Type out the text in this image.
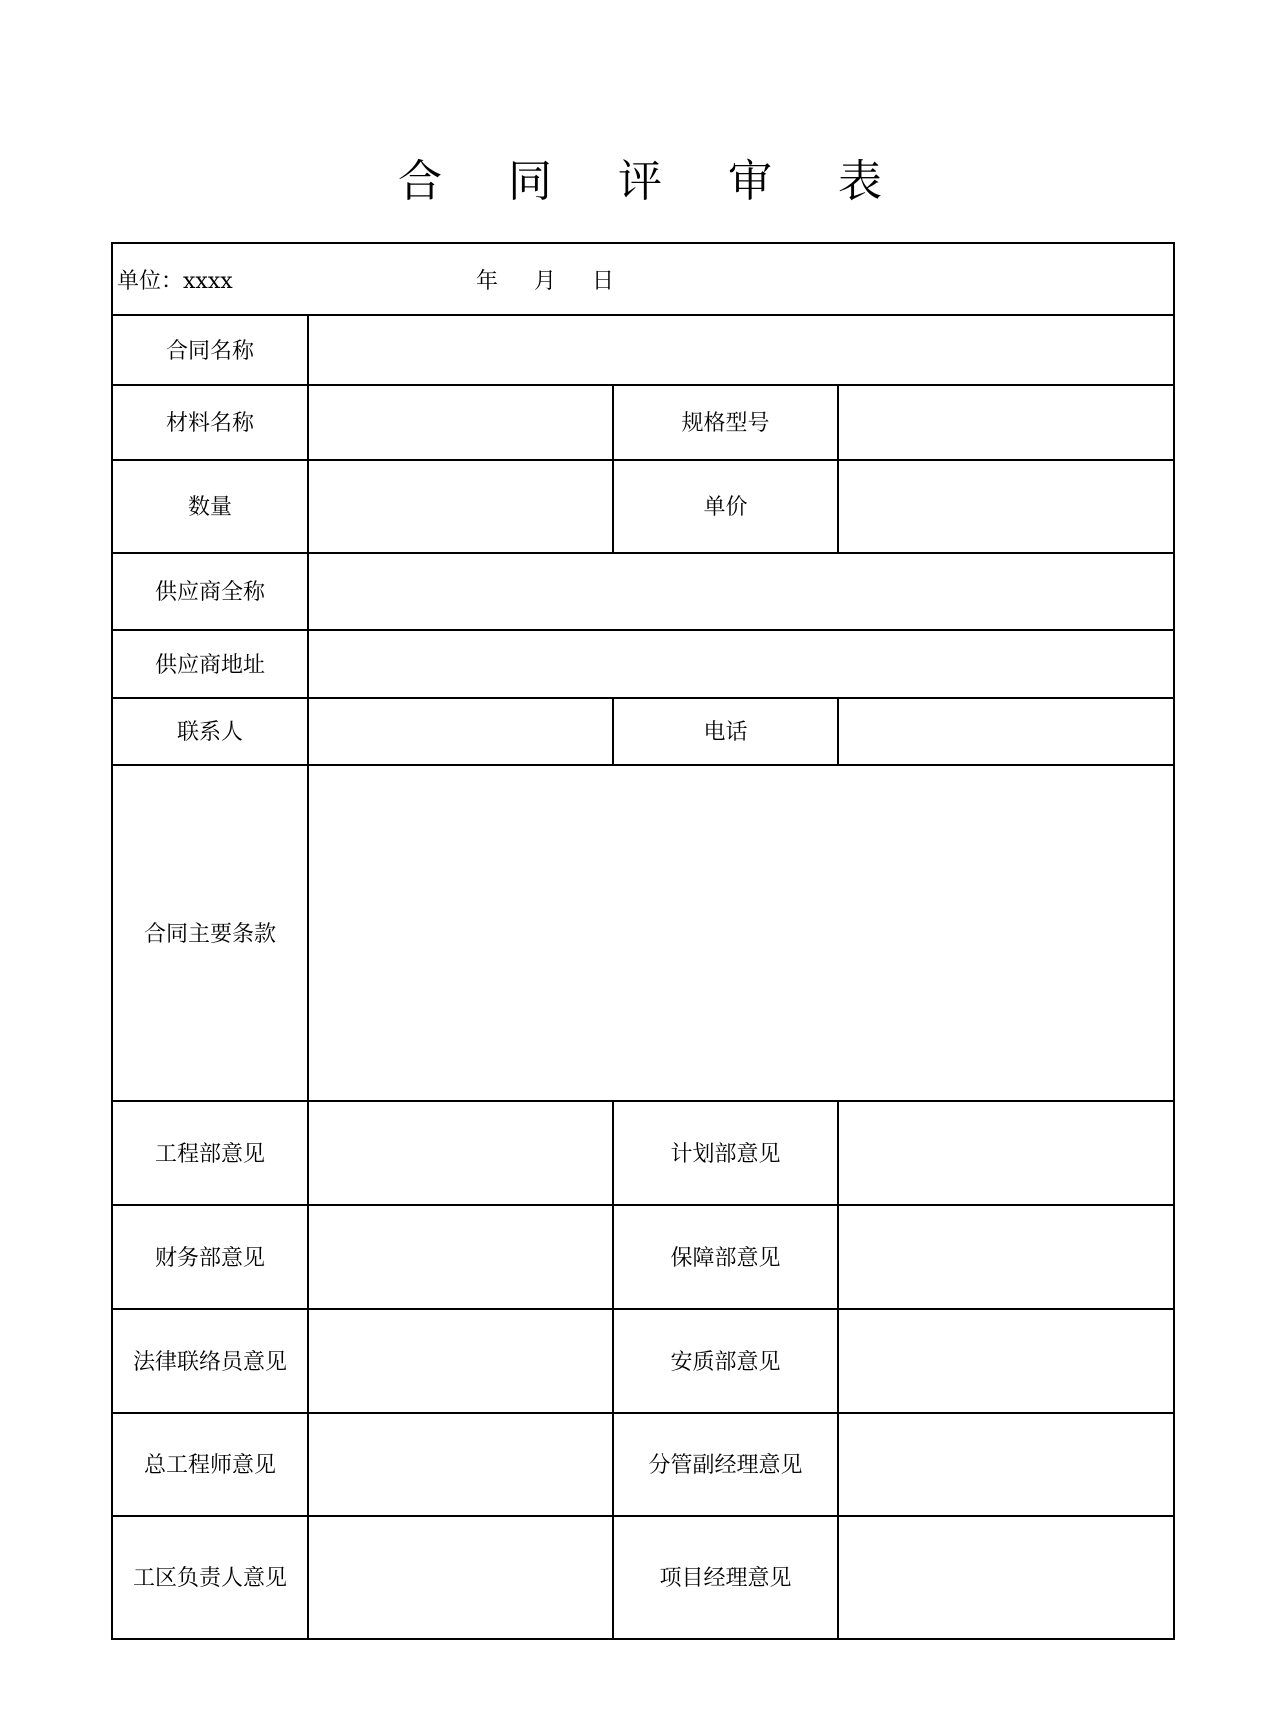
合 同 评 审 表
单位：xxxx	年 月 日
合同名称
材料名称	规格型号
数量	单价
供应商全称
供应商地址
联系人	电话
合同主要条款
工程部意见	计划部意见
财务部意见	保障部意见
法律联络员意见	安质部意见
总工程师意见	分管副经理意见
工区负责人意见	项目经理意见
